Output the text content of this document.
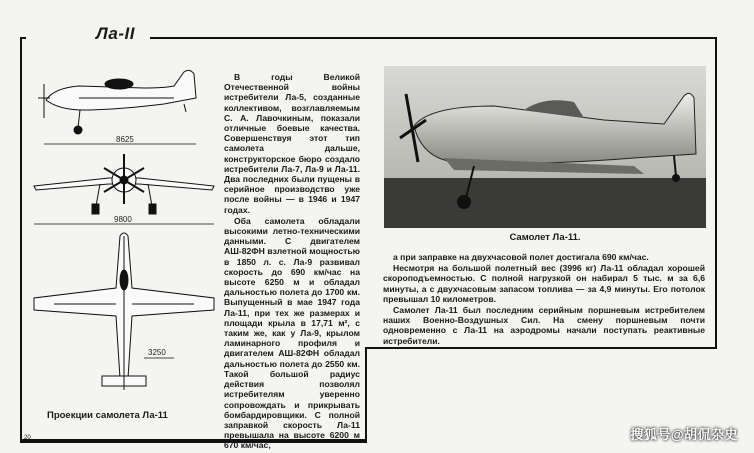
Ла-II
8625
9800
3250
Проекции самолета Ла-11

В годы Великой Отечественной войны истребители Ла-5, созданные коллективом, возглавляемым С. А. Лавочкиным, показали отличные боевые качества. Совершенствуя этот тип самолета дальше, конструкторское бюро создало истребители Ла-7, Ла-9 и Ла-11. Два последних были пущены в серийное производство уже после войны — в 1946 и 1947 годах.

Оба самолета обладали высокими летно-техническими данными. С двигателем АШ-82ФН взлетной мощностью в 1850 л. с. Ла-9 развивал скорость до 690 км/час на высоте 6250 м и обладал дальностью полета до 1700 км. Выпущенный в мае 1947 года Ла-11, при тех же размерах и площади крыла в 17,71 м², с таким же, как у Ла-9, крылом ламинарного профиля и двигателем АШ-82ФН обладал дальностью полета до 2550 км. Такой большой радиус действия позволял истребителям уверенно сопровождать и прикрывать бомбардировщики. С полной заправкой скорость Ла-11 превышала на высоте 6200 м 670 км/час,

Самолет Ла-11.

а при заправке на двухчасовой полет достигала 690 км/час.

Несмотря на большой полетный вес (3996 кг) Ла-11 обладал хорошей скороподъемностью. С полной нагрузкой он набирал 5 тыс. м за 6,6 минуты, а с двухчасовым запасом топлива — за 4,9 минуты. Его потолок превышал 10 километров.

Самолет Ла-11 был последним серийным поршневым истребителем наших Военно-Воздушных Сил. На смену поршневым почти одновременно с Ла-11 на аэродромы начали поступать реактивные истребители.

20	搜狐号@胡侃杂史
